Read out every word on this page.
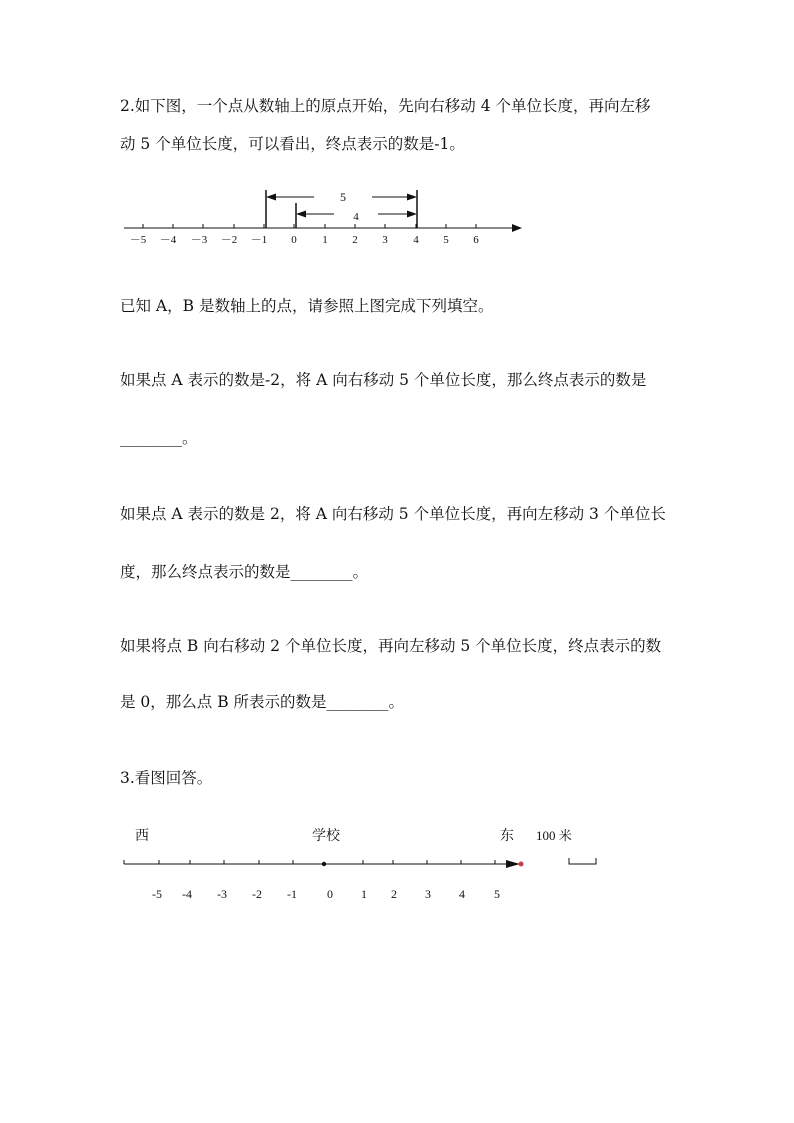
2.如下图，一个点从数轴上的原点开始，先向右移动 4 个单位长度，再向左移

动 5 个单位长度，可以看出，终点表示的数是-1。

5
4
－5 －4 －3 －2 －1 0 1 2 3 4 5 6
西	学校	东 100 米
-5 -4 -3 -2 -1	0 1 2 3 4 5

已知 A，B 是数轴上的点，请参照上图完成下列填空。

如果点 A 表示的数是-2，将 A 向右移动 5 个单位长度，那么终点表示的数是

________。

如果点 A 表示的数是 2，将 A 向右移动 5 个单位长度，再向左移动 3 个单位长

度，那么终点表示的数是________。

如果将点 B 向右移动 2 个单位长度，再向左移动 5 个单位长度，终点表示的数

是 0，那么点 B 所表示的数是________。

3.看图回答。
